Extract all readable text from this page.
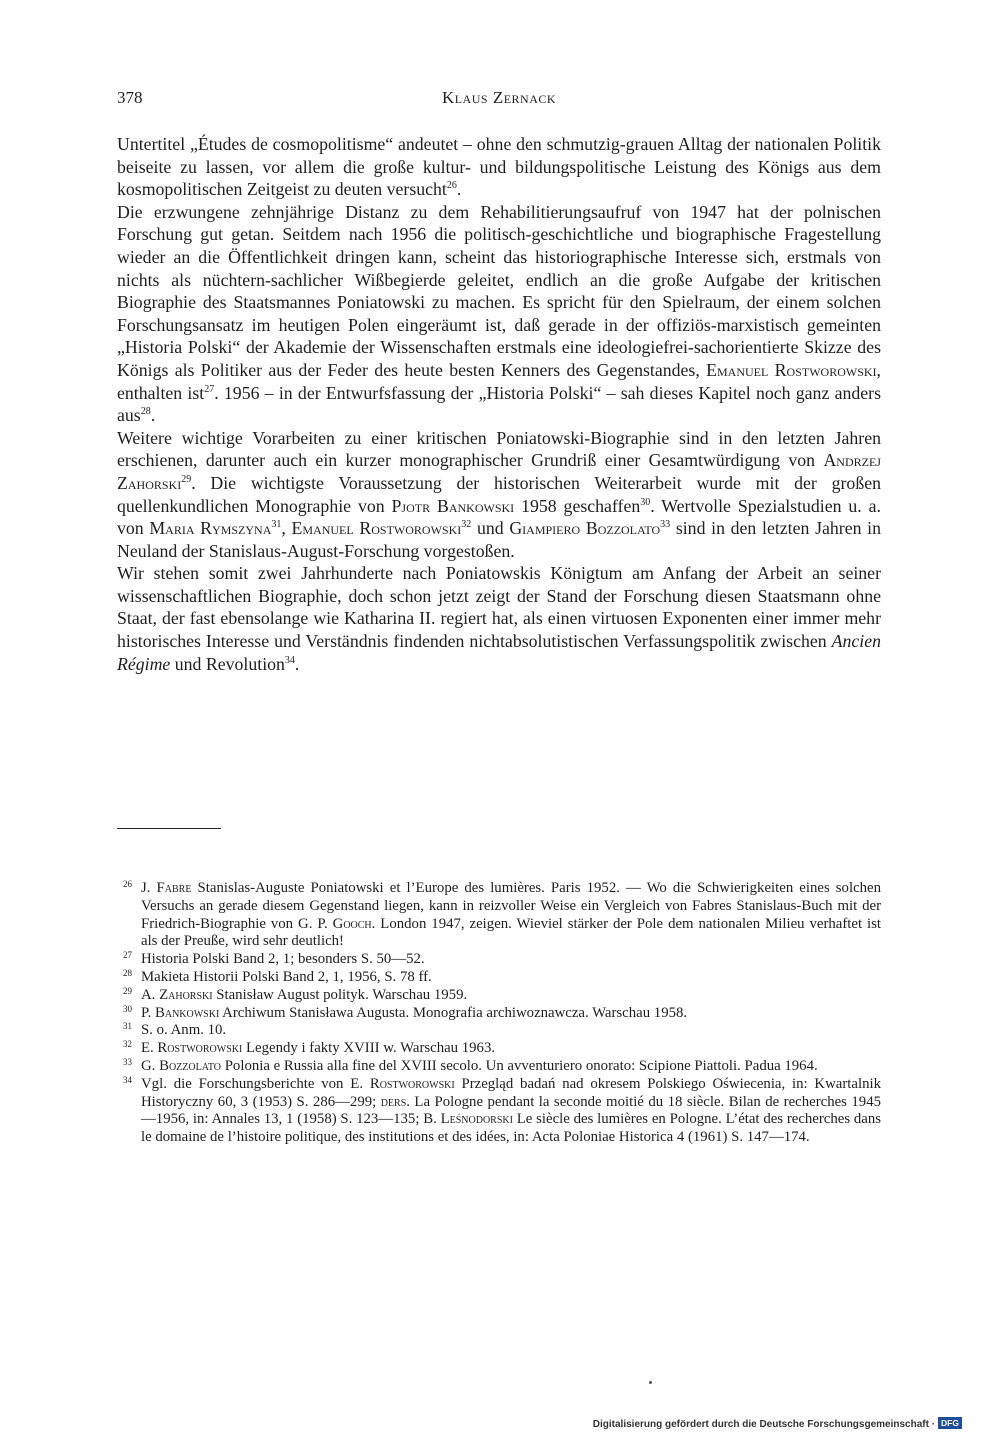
378	Klaus Zernack

Untertitel „Études de cosmopolitisme“ andeutet – ohne den schmutzig-grauen Alltag der nationalen Politik beiseite zu lassen, vor allem die große kultur- und bildungspolitische Leistung des Königs aus dem kosmopolitischen Zeitgeist zu deuten versucht$^{26}$.

Die erzwungene zehnjährige Distanz zu dem Rehabilitierungsaufruf von 1947 hat der polnischen Forschung gut getan. Seitdem nach 1956 die politisch-geschichtliche und biographische Fragestellung wieder an die Öffentlichkeit dringen kann, scheint das historiographische Interesse sich, erstmals von nichts als nüchtern-sachlicher Wißbegierde geleitet, endlich an die große Aufgabe der kritischen Biographie des Staatsmannes Poniatowski zu machen. Es spricht für den Spielraum, der einem solchen Forschungsansatz im heutigen Polen eingeräumt ist, daß gerade in der offiziös-marxistisch gemeinten „Historia Polski“ der Akademie der Wissenschaften erstmals eine ideologiefrei-sachorientierte Skizze des Königs als Politiker aus der Feder des heute besten Kenners des Gegenstandes, Emanuel Rostworowski, enthalten ist$^{27}$. 1956 – in der Entwurfsfassung der „Historia Polski“ – sah dieses Kapitel noch ganz anders aus$^{28}$.

Weitere wichtige Vorarbeiten zu einer kritischen Poniatowski-Biographie sind in den letzten Jahren erschienen, darunter auch ein kurzer monographischer Grundriß einer Gesamtwürdigung von Andrzej Zahorski$^{29}$. Die wichtigste Voraussetzung der historischen Weiterarbeit wurde mit der großen quellenkundlichen Monographie von Pjotr Bankowski 1958 geschaffen$^{30}$. Wertvolle Spezialstudien u. a. von Maria Rymszyna$^{31}$, Emanuel Rostworowski$^{32}$ und Giampiero Bozzolato$^{33}$ sind in den letzten Jahren in Neuland der Stanislaus-August-Forschung vorgestoßen.

Wir stehen somit zwei Jahrhunderte nach Poniatowskis Königtum am Anfang der Arbeit an seiner wissenschaftlichen Biographie, doch schon jetzt zeigt der Stand der Forschung diesen Staatsmann ohne Staat, der fast ebensolange wie Katharina II. regiert hat, als einen virtuosen Exponenten einer immer mehr historisches Interesse und Verständnis findenden nichtabsolutistischen Verfassungspolitik zwischen Ancien Régime und Revolution$^{34}$.

26 J. Fabre Stanislas-Auguste Poniatowski et l’Europe des lumières. Paris 1952. — Wo die Schwierigkeiten eines solchen Versuchs an gerade diesem Gegenstand liegen, kann in reizvoller Weise ein Vergleich von Fabres Stanislaus-Buch mit der Friedrich-Biographie von G. P. Gooch. London 1947, zeigen. Wieviel stärker der Pole dem nationalen Milieu verhaftet ist als der Preuße, wird sehr deutlich!

27 Historia Polski Band 2, 1; besonders S. 50—52.

28 Makieta Historii Polski Band 2, 1, 1956, S. 78 ff.

29 A. Zahorski Stanisław August polityk. Warschau 1959.

30 P. Bankowski Archiwum Stanisława Augusta. Monografia archiwoznawcza. Warschau 1958.

31 S. o. Anm. 10.

32 E. Rostworowski Legendy i fakty XVIII w. Warschau 1963.

33 G. Bozzolato Polonia e Russia alla fine del XVIII secolo. Un avventuriero onorato: Scipione Piattoli. Padua 1964.

34 Vgl. die Forschungsberichte von E. Rostworowski Przegląd badań nad okresem Polskiego Oświecenia, in: Kwartalnik Historyczny 60, 3 (1953) S. 286—299; ders. La Pologne pendant la seconde moitié du 18 siècle. Bilan de recherches 1945—1956, in: Annales 13, 1 (1958) S. 123—135; B. Leśnodorski Le siècle des lumières en Pologne. L’état des recherches dans le domaine de l’histoire politique, des institutions et des idées, in: Acta Poloniae Historica 4 (1961) S. 147—174.

Digitalisierung gefördert durch die Deutsche Forschungsgemeinschaft · DFG
